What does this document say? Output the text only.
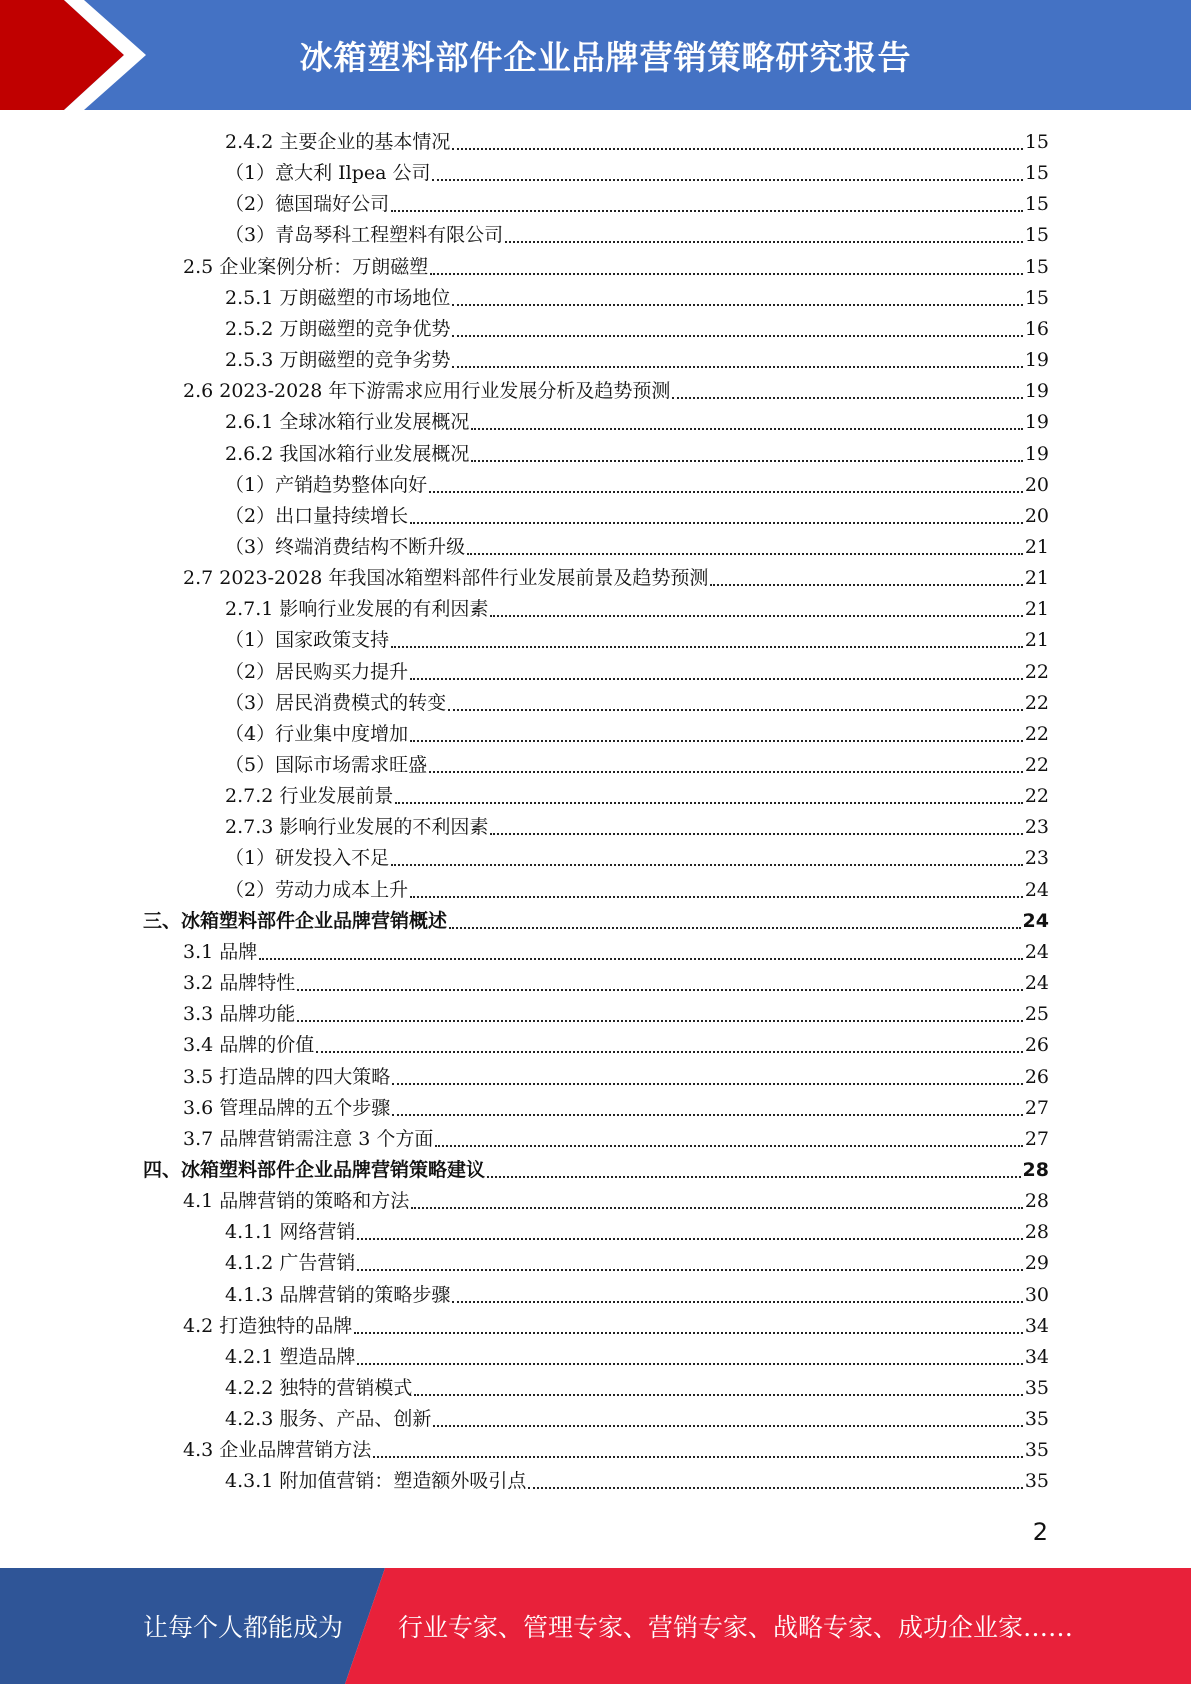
冰箱塑料部件企业品牌营销策略研究报告
2.4.2 主要企业的基本情况	15
（1）意大利 Ilpea 公司	15
（2）德国瑞好公司	15
（3）青岛琴科工程塑料有限公司	15
2.5 企业案例分析：万朗磁塑	15
2.5.1 万朗磁塑的市场地位	15
2.5.2 万朗磁塑的竞争优势	16
2.5.3 万朗磁塑的竞争劣势	19
2.6 2023-2028 年下游需求应用行业发展分析及趋势预测	19
2.6.1 全球冰箱行业发展概况	19
2.6.2 我国冰箱行业发展概况	19
（1）产销趋势整体向好	20
（2）出口量持续增长	20
（3）终端消费结构不断升级	21
2.7 2023-2028 年我国冰箱塑料部件行业发展前景及趋势预测	21
2.7.1 影响行业发展的有利因素	21
（1）国家政策支持	21
（2）居民购买力提升	22
（3）居民消费模式的转变	22
（4）行业集中度增加	22
（5）国际市场需求旺盛	22
2.7.2 行业发展前景	22
2.7.3 影响行业发展的不利因素	23
（1）研发投入不足	23
（2）劳动力成本上升	24
三、冰箱塑料部件企业品牌营销概述	24
3.1 品牌	24
3.2 品牌特性	24
3.3 品牌功能	25
3.4 品牌的价值	26
3.5 打造品牌的四大策略	26
3.6 管理品牌的五个步骤	27
3.7 品牌营销需注意 3 个方面	27
四、冰箱塑料部件企业品牌营销策略建议	28
4.1 品牌营销的策略和方法	28
4.1.1 网络营销	28
4.1.2 广告营销	29
4.1.3 品牌营销的策略步骤	30
4.2 打造独特的品牌	34
4.2.1 塑造品牌	34
4.2.2 独特的营销模式	35
4.2.3 服务、产品、创新	35
4.3 企业品牌营销方法	35
4.3.1 附加值营销：塑造额外吸引点	35
2
让每个人都能成为 行业专家、管理专家、营销专家、战略专家、成功企业家……
